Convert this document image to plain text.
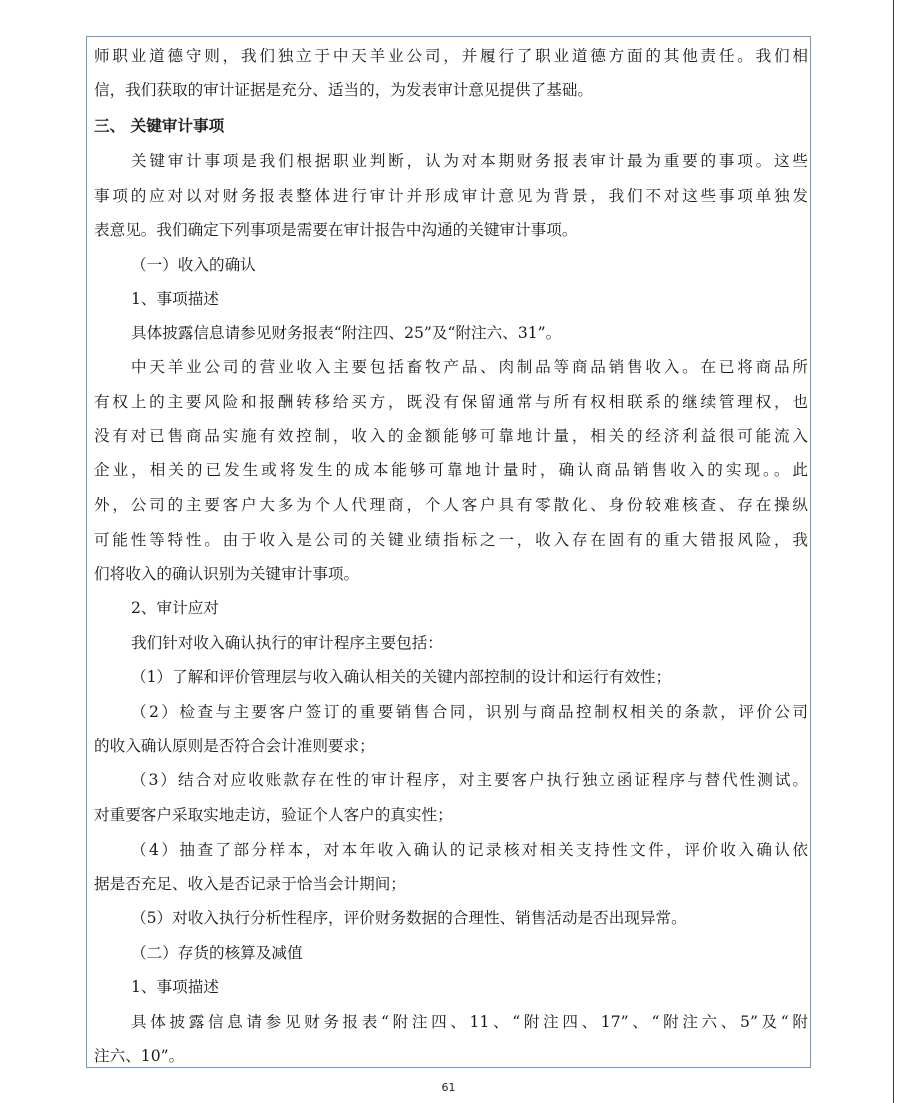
师职业道德守则，我们独立于中天羊业公司，并履行了职业道德方面的其他责任。我们相
信，我们获取的审计证据是充分、适当的，为发表审计意见提供了基础。
三、 关键审计事项
关键审计事项是我们根据职业判断，认为对本期财务报表审计最为重要的事项。这些
事项的应对以对财务报表整体进行审计并形成审计意见为背景，我们不对这些事项单独发
表意见。我们确定下列事项是需要在审计报告中沟通的关键审计事项。
（一）收入的确认
1、事项描述
具体披露信息请参见财务报表“附注四、25”及“附注六、31”。
中天羊业公司的营业收入主要包括畜牧产品、肉制品等商品销售收入。在已将商品所
有权上的主要风险和报酬转移给买方，既没有保留通常与所有权相联系的继续管理权，也
没有对已售商品实施有效控制，收入的金额能够可靠地计量，相关的经济利益很可能流入
企业，相关的已发生或将发生的成本能够可靠地计量时，确认商品销售收入的实现。。此
外，公司的主要客户大多为个人代理商，个人客户具有零散化、身份较难核查、存在操纵
可能性等特性。由于收入是公司的关键业绩指标之一，收入存在固有的重大错报风险，我
们将收入的确认识别为关键审计事项。
2、审计应对
我们针对收入确认执行的审计程序主要包括：
（1）了解和评价管理层与收入确认相关的关键内部控制的设计和运行有效性；
（2）检查与主要客户签订的重要销售合同，识别与商品控制权相关的条款，评价公司
的收入确认原则是否符合会计准则要求；
（3）结合对应收账款存在性的审计程序，对主要客户执行独立函证程序与替代性测试。
对重要客户采取实地走访，验证个人客户的真实性；
（4）抽查了部分样本，对本年收入确认的记录核对相关支持性文件，评价收入确认依
据是否充足、收入是否记录于恰当会计期间；
（5）对收入执行分析性程序，评价财务数据的合理性、销售活动是否出现异常。
（二）存货的核算及减值
1、事项描述
具体披露信息请参见财务报表“附注四、11、“附注四、17”、“附注六、5”及“附
注六、10”。
61
